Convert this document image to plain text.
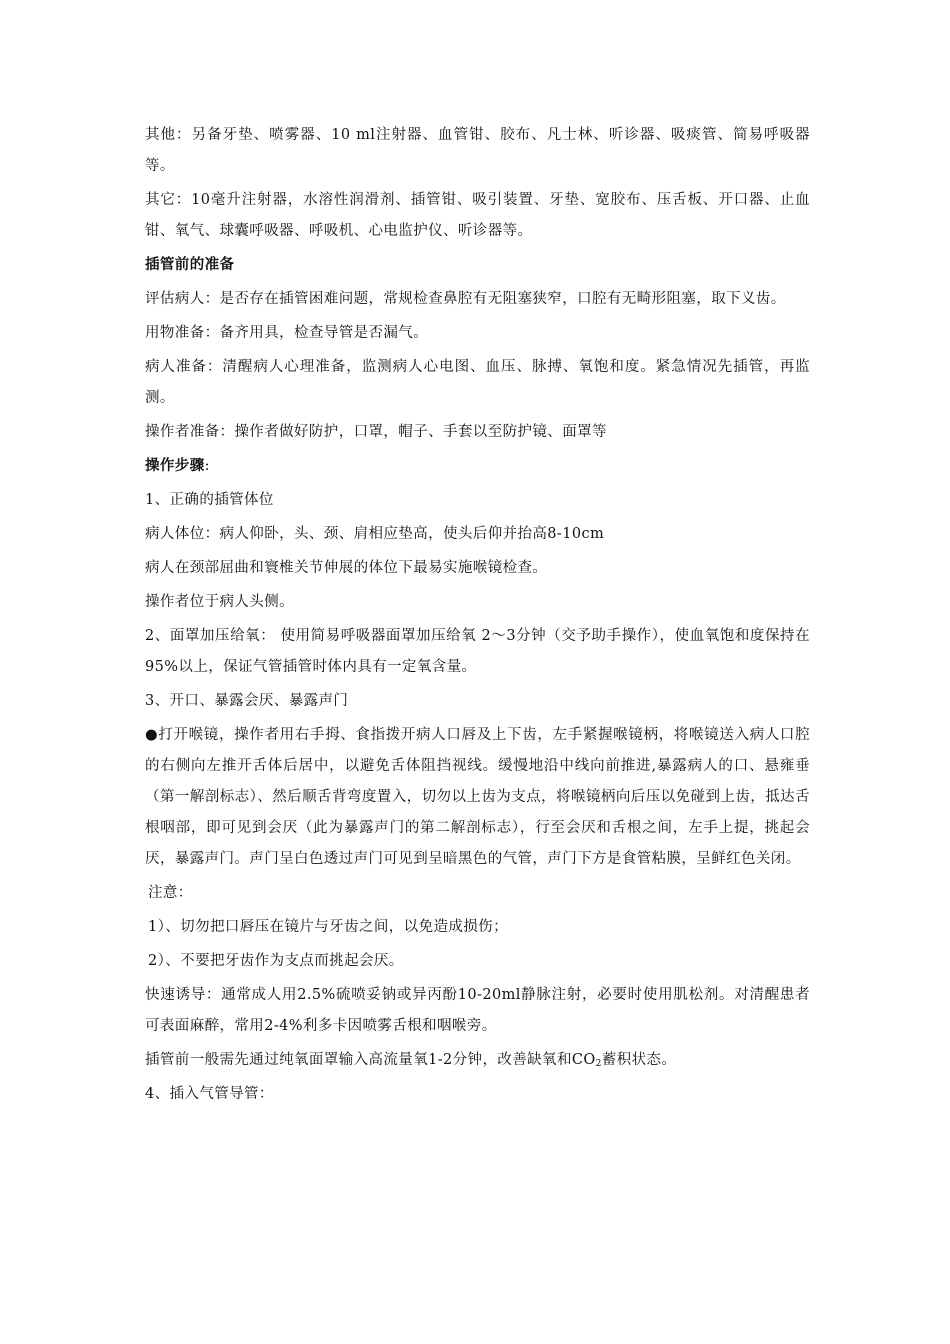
其他：另备牙垫、喷雾器、10 ml注射器、血管钳、胶布、凡士林、听诊器、吸痰管、简易呼吸器等。

其它：10毫升注射器，水溶性润滑剂、插管钳、吸引装置、牙垫、宽胶布、压舌板、开口器、止血钳、氧气、球囊呼吸器、呼吸机、心电监护仪、听诊器等。

插管前的准备

评估病人：是否存在插管困难问题，常规检查鼻腔有无阻塞狭窄，口腔有无畸形阻塞，取下义齿。

用物准备：备齐用具，检查导管是否漏气。

病人准备：清醒病人心理准备，监测病人心电图、血压、脉搏、氧饱和度。紧急情况先插管，再监测。

操作者准备：操作者做好防护，口罩，帽子、手套以至防护镜、面罩等

操作步骤:

1、正确的插管体位

病人体位：病人仰卧，头、颈、肩相应垫高，使头后仰并抬高8-10cm

病人在颈部屈曲和寰椎关节伸展的体位下最易实施喉镜检查。

操作者位于病人头侧。

2、面罩加压给氧： 使用简易呼吸器面罩加压给氧 2～3分钟（交予助手操作），使血氧饱和度保持在95%以上，保证气管插管时体内具有一定氧含量。

3、开口、暴露会厌、暴露声门

●打开喉镜，操作者用右手拇、食指拨开病人口唇及上下齿，左手紧握喉镜柄，将喉镜送入病人口腔的右侧向左推开舌体后居中，以避免舌体阻挡视线。缓慢地沿中线向前推进,暴露病人的口、悬雍垂（第一解剖标志）、然后顺舌背弯度置入，切勿以上齿为支点，将喉镜柄向后压以免碰到上齿，抵达舌根咽部，即可见到会厌（此为暴露声门的第二解剖标志），行至会厌和舌根之间，左手上提，挑起会厌，暴露声门。声门呈白色透过声门可见到呈暗黑色的气管，声门下方是食管粘膜，呈鲜红色关闭。

注意：

1）、切勿把口唇压在镜片与牙齿之间，以免造成损伤；

2）、不要把牙齿作为支点而挑起会厌。

快速诱导：通常成人用2.5%硫喷妥钠或异丙酚10-20ml静脉注射，必要时使用肌松剂。对清醒患者可表面麻醉，常用2-4%利多卡因喷雾舌根和咽喉旁。

插管前一般需先通过纯氧面罩输入高流量氧1-2分钟，改善缺氧和$CO_2$蓄积状态。

4、插入气管导管：
